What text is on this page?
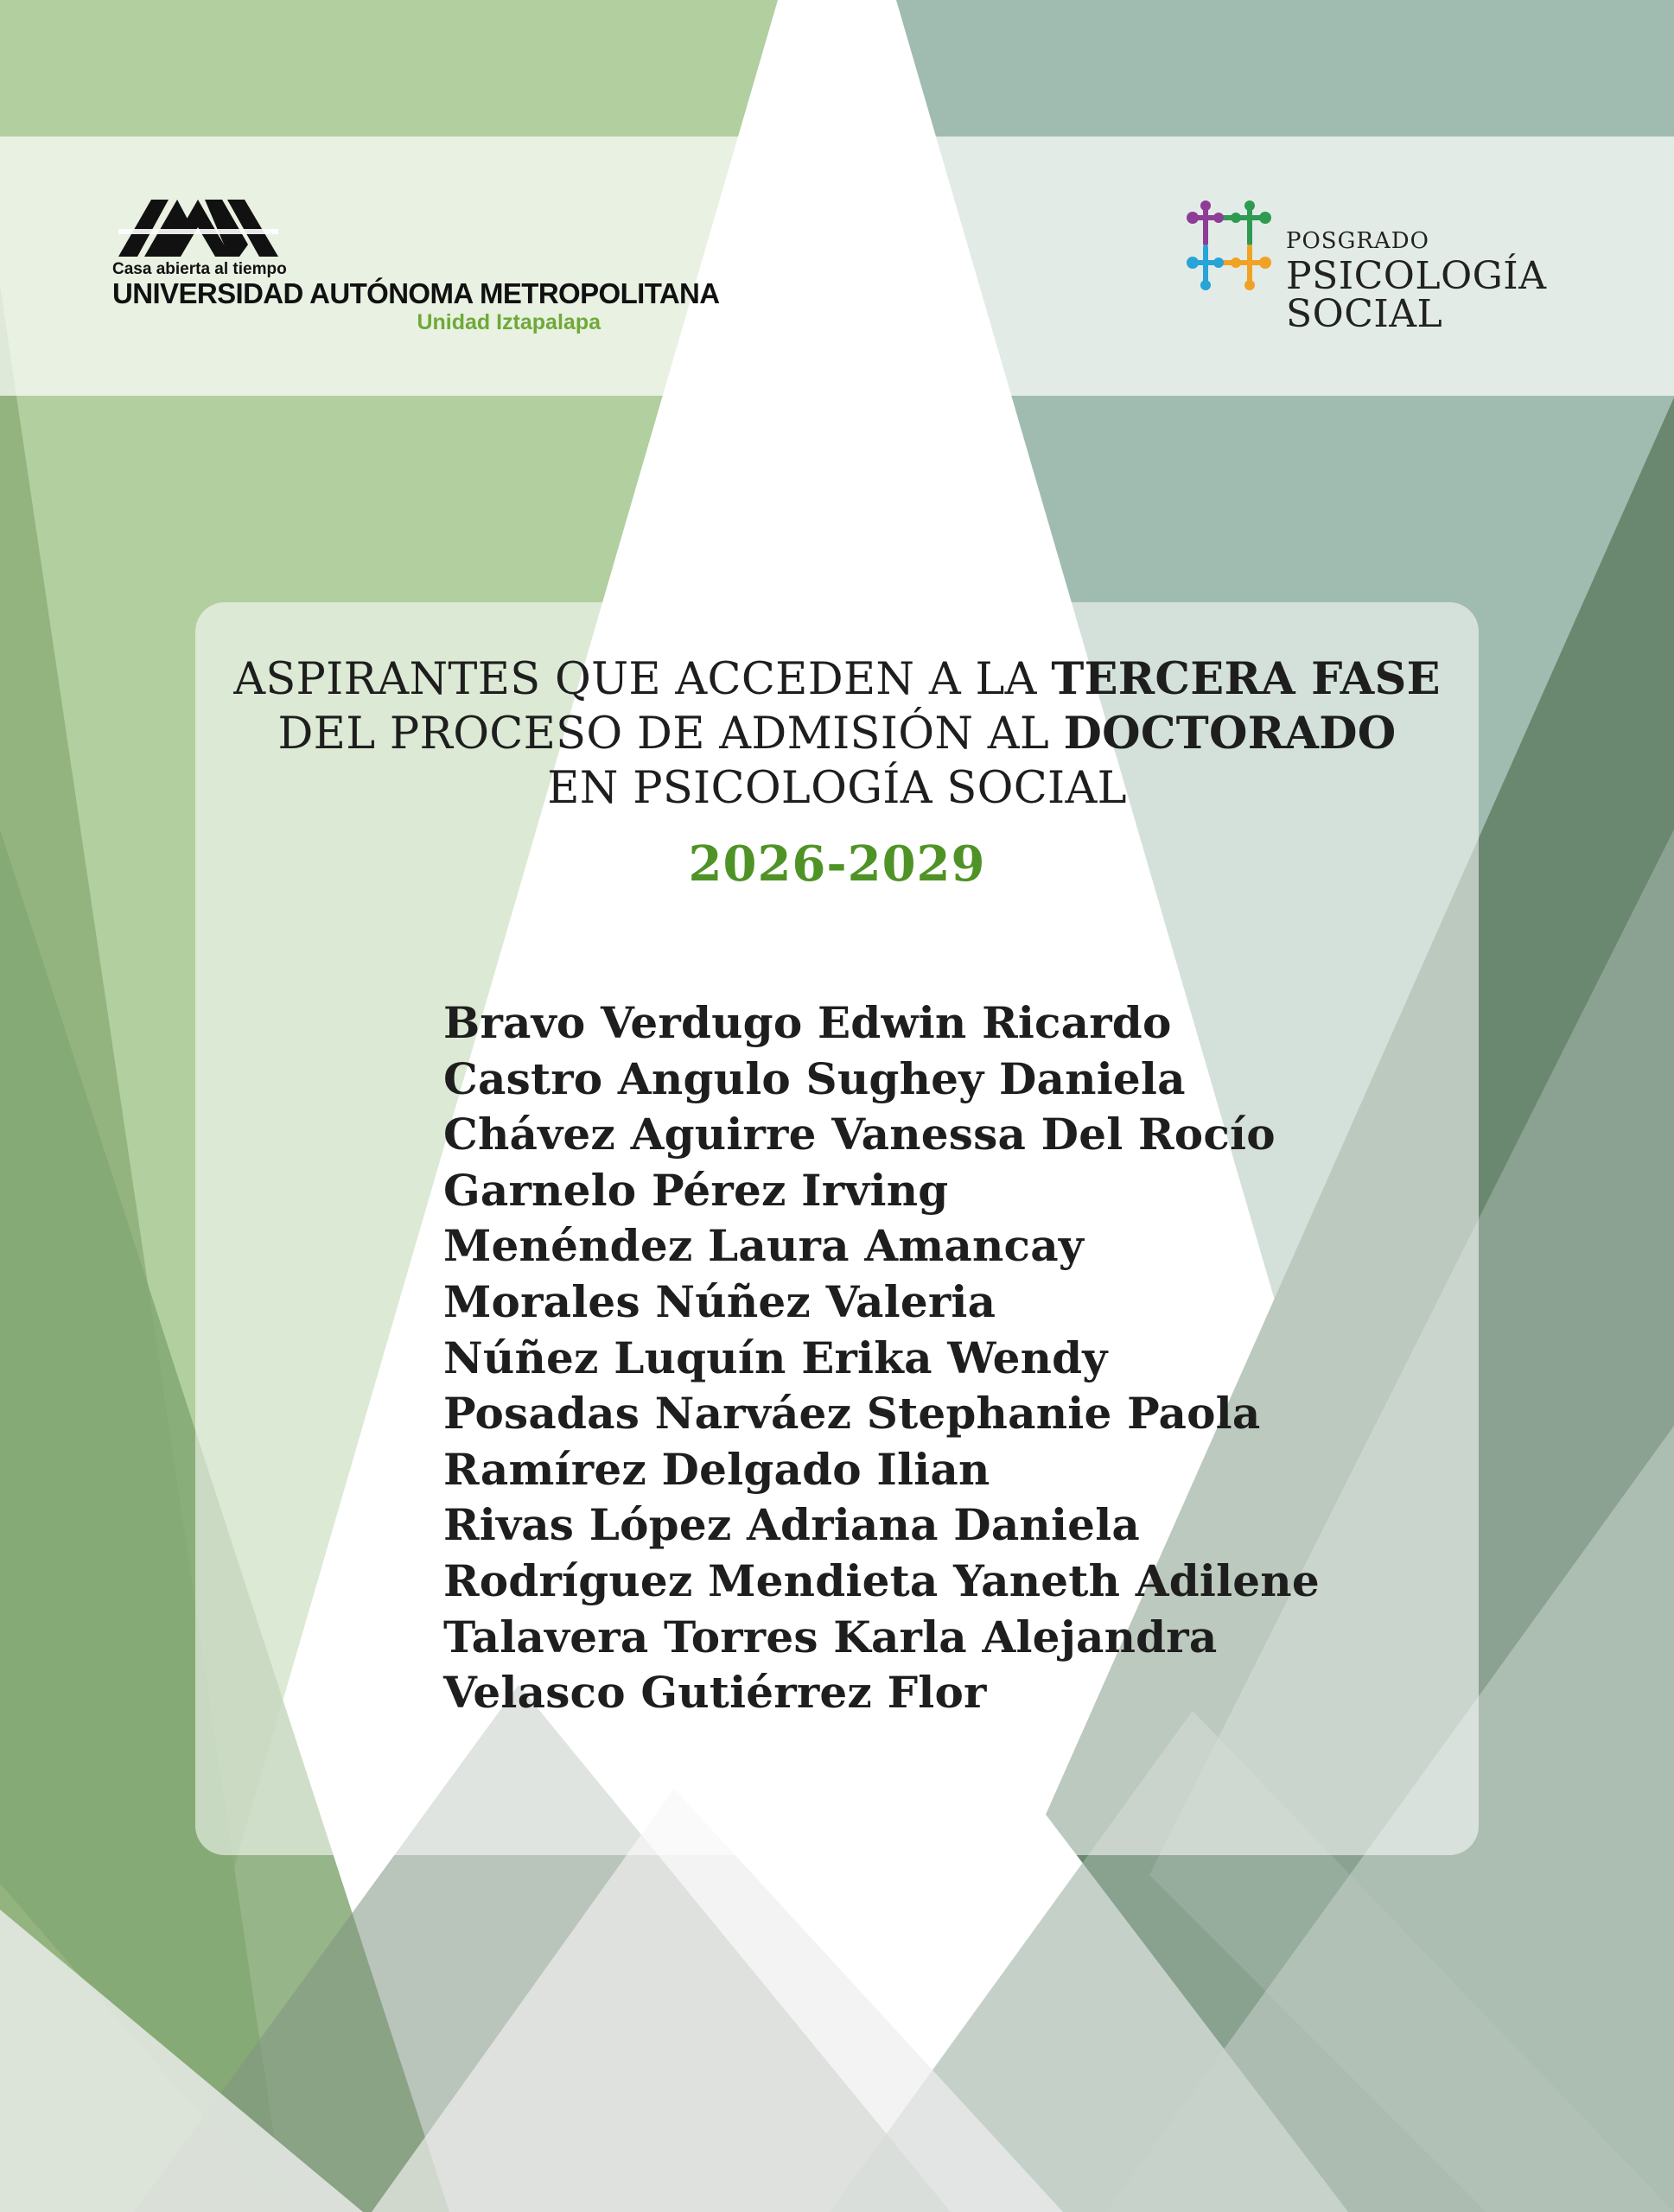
Casa abierta al tiempo
UNIVERSIDAD AUTÓNOMA METROPOLITANA
Unidad Iztapalapa
POSGRADO
PSICOLOGÍA
SOCIAL
ASPIRANTES QUE ACCEDEN A LA TERCERA FASE
DEL PROCESO DE ADMISIÓN AL DOCTORADO
EN PSICOLOGÍA SOCIAL
2026-2029
Bravo Verdugo Edwin Ricardo
Castro Angulo Sughey Daniela
Chávez Aguirre Vanessa Del Rocío
Garnelo Pérez Irving
Menéndez Laura Amancay
Morales Núñez Valeria
Núñez Luquín Erika Wendy
Posadas Narváez Stephanie Paola
Ramírez Delgado Ilian
Rivas López Adriana Daniela
Rodríguez Mendieta Yaneth Adilene
Talavera Torres Karla Alejandra
Velasco Gutiérrez Flor
